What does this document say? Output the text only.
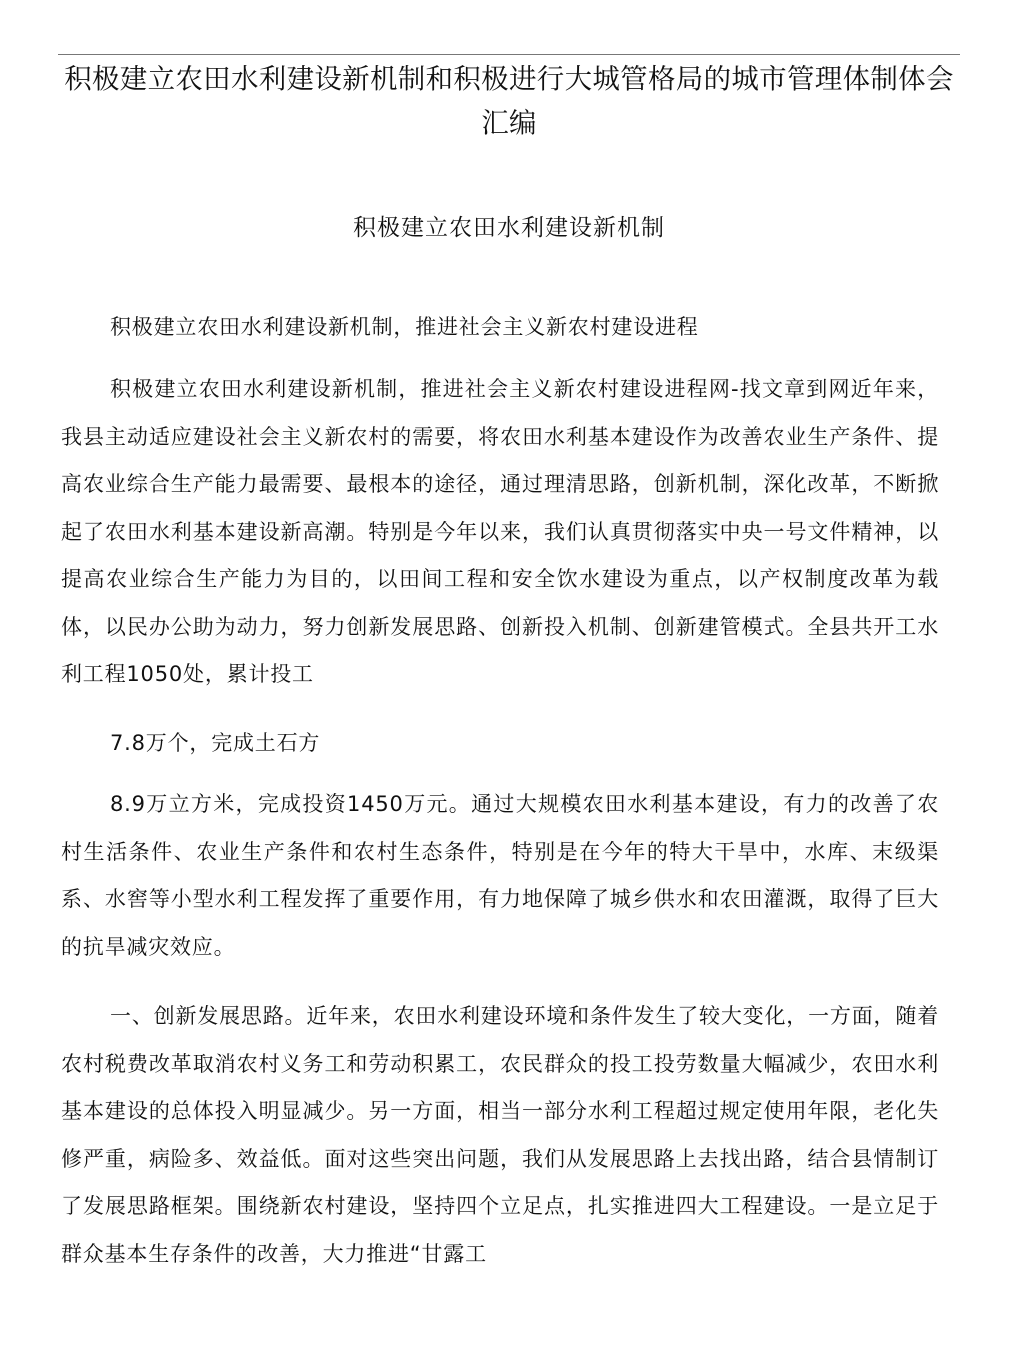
积极建立农田水利建设新机制和积极进行大城管格局的城市管理体制体会汇编
积极建立农田水利建设新机制

积极建立农田水利建设新机制，推进社会主义新农村建设进程

积极建立农田水利建设新机制，推进社会主义新农村建设进程网-找文章到网近年来，我县主动适应建设社会主义新农村的需要，将农田水利基本建设作为改善农业生产条件、提高农业综合生产能力最需要、最根本的途径，通过理清思路，创新机制，深化改革，不断掀起了农田水利基本建设新高潮。特别是今年以来，我们认真贯彻落实中央一号文件精神，以提高农业综合生产能力为目的，以田间工程和安全饮水建设为重点，以产权制度改革为载体，以民办公助为动力，努力创新发展思路、创新投入机制、创新建管模式。全县共开工水利工程1050处，累计投工

7.8万个，完成土石方

8.9万立方米，完成投资1450万元。通过大规模农田水利基本建设，有力的改善了农村生活条件、农业生产条件和农村生态条件，特别是在今年的特大干旱中，水库、末级渠系、水窖等小型水利工程发挥了重要作用，有力地保障了城乡供水和农田灌溉，取得了巨大的抗旱减灾效应。

一、创新发展思路。近年来，农田水利建设环境和条件发生了较大变化，一方面，随着农村税费改革取消农村义务工和劳动积累工，农民群众的投工投劳数量大幅减少，农田水利基本建设的总体投入明显减少。另一方面，相当一部分水利工程超过规定使用年限，老化失修严重，病险多、效益低。面对这些突出问题，我们从发展思路上去找出路，结合县情制订了发展思路框架。围绕新农村建设，坚持四个立足点，扎实推进四大工程建设。一是立足于群众基本生存条件的改善，大力推进“甘露工
